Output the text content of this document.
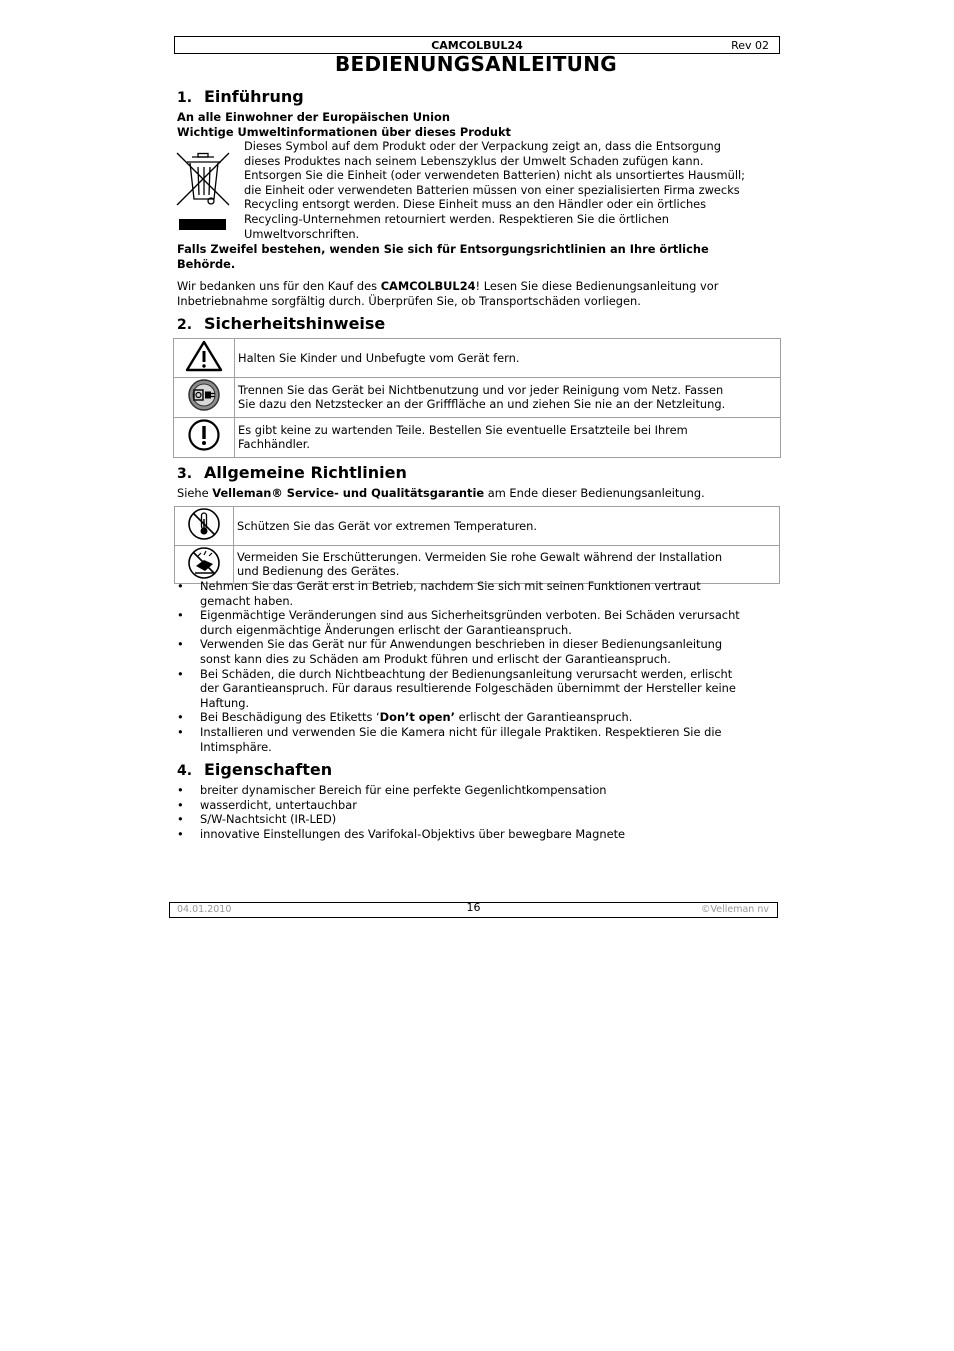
CAMCOLBUL24	Rev 02
BEDIENUNGSANLEITUNG
1. Einführung
An alle Einwohner der Europäischen Union
Wichtige Umweltinformationen über dieses Produkt
Dieses Symbol auf dem Produkt oder der Verpackung zeigt an, dass die Entsorgung
dieses Produktes nach seinem Lebenszyklus der Umwelt Schaden zufügen kann.
Entsorgen Sie die Einheit (oder verwendeten Batterien) nicht als unsortiertes Hausmüll;
die Einheit oder verwendeten Batterien müssen von einer spezialisierten Firma zwecks
Recycling entsorgt werden. Diese Einheit muss an den Händler oder ein örtliches
Recycling-Unternehmen retourniert werden. Respektieren Sie die örtlichen
Umweltvorschriften.
Falls Zweifel bestehen, wenden Sie sich für Entsorgungsrichtlinien an Ihre örtliche
Behörde.
Wir bedanken uns für den Kauf des CAMCOLBUL24! Lesen Sie diese Bedienungsanleitung vor
Inbetriebnahme sorgfältig durch. Überprüfen Sie, ob Transportschäden vorliegen.
2. Sicherheitshinweise

Halten Sie Kinder und Unbefugte vom Gerät fern.

Trennen Sie das Gerät bei Nichtbenutzung und vor jeder Reinigung vom Netz. Fassen
Sie dazu den Netzstecker an der Grifffläche an und ziehen Sie nie an der Netzleitung.

Es gibt keine zu wartenden Teile. Bestellen Sie eventuelle Ersatzteile bei Ihrem
Fachhändler.
3. Allgemeine Richtlinien
Siehe Velleman® Service- und Qualitätsgarantie am Ende dieser Bedienungsanleitung.

Schützen Sie das Gerät vor extremen Temperaturen.

Vermeiden Sie Erschütterungen. Vermeiden Sie rohe Gewalt während der Installation
und Bedienung des Gerätes.
• Nehmen Sie das Gerät erst in Betrieb, nachdem Sie sich mit seinen Funktionen vertraut
gemacht haben.
• Eigenmächtige Veränderungen sind aus Sicherheitsgründen verboten. Bei Schäden verursacht
durch eigenmächtige Änderungen erlischt der Garantieanspruch.
• Verwenden Sie das Gerät nur für Anwendungen beschrieben in dieser Bedienungsanleitung
sonst kann dies zu Schäden am Produkt führen und erlischt der Garantieanspruch.
• Bei Schäden, die durch Nichtbeachtung der Bedienungsanleitung verursacht werden, erlischt
der Garantieanspruch. Für daraus resultierende Folgeschäden übernimmt der Hersteller keine
Haftung.
• Bei Beschädigung des Etiketts ‘Don’t open’ erlischt der Garantieanspruch.
• Installieren und verwenden Sie die Kamera nicht für illegale Praktiken. Respektieren Sie die
Intimsphäre.
4. Eigenschaften
• breiter dynamischer Bereich für eine perfekte Gegenlichtkompensation
• wasserdicht, untertauchbar
• S/W-Nachtsicht (IR-LED)
• innovative Einstellungen des Varifokal-Objektivs über bewegbare Magnete
04.01.2010	16	©Velleman nv
